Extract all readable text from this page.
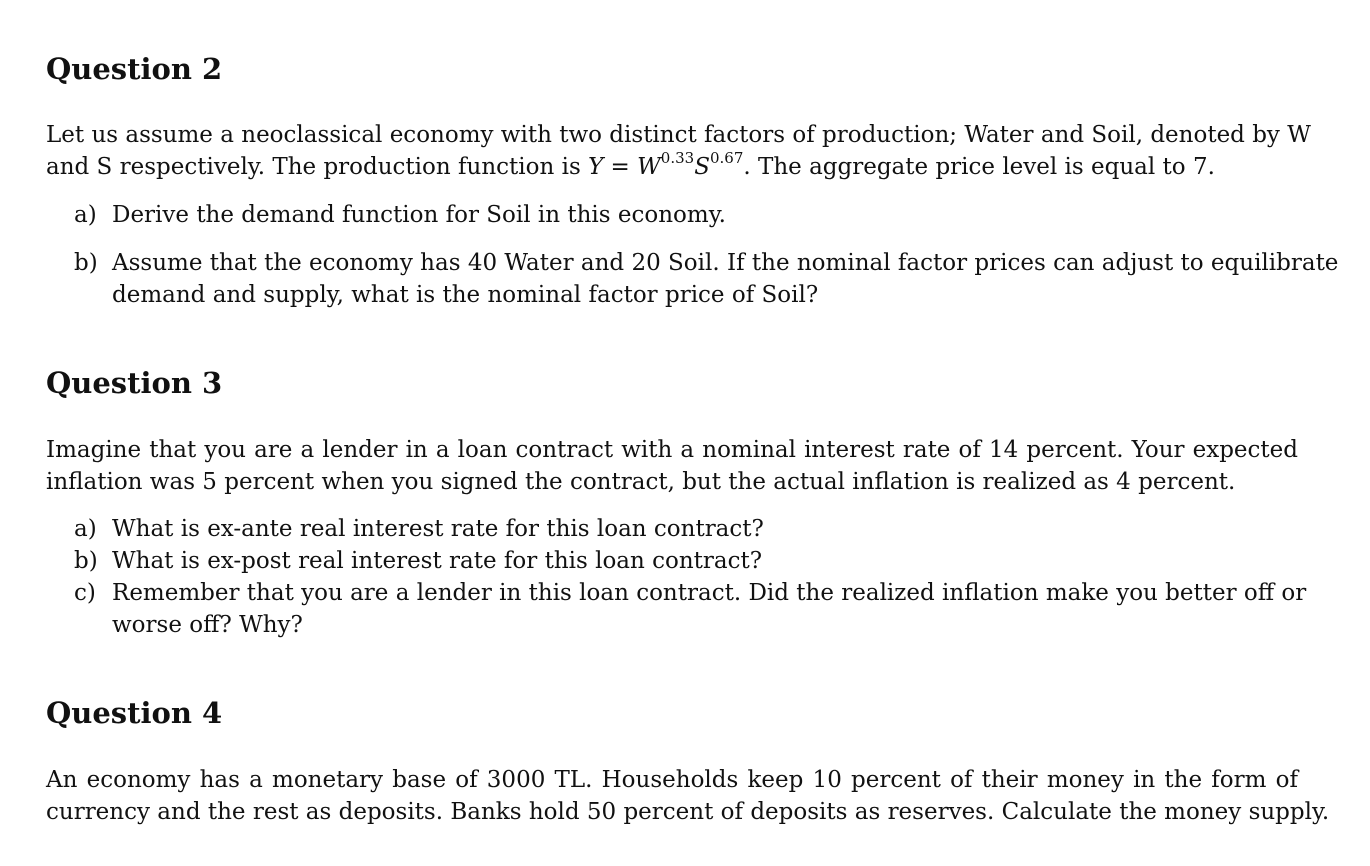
Question 2
Let us assume a neoclassical economy with two distinct factors of production; Water and Soil, denoted by W
and S respectively. The production function is $Y = W^{0.33}S^{0.67}$. The aggregate price level is equal to 7.
a) Derive the demand function for Soil in this economy.
b) Assume that the economy has 40 Water and 20 Soil. If the nominal factor prices can adjust to equilibrate
demand and supply, what is the nominal factor price of Soil?
Question 3
Imagine that you are a lender in a loan contract with a nominal interest rate of 14 percent. Your expected
inflation was 5 percent when you signed the contract, but the actual inflation is realized as 4 percent.
a) What is ex-ante real interest rate for this loan contract?
b) What is ex-post real interest rate for this loan contract?
c) Remember that you are a lender in this loan contract. Did the realized inflation make you better off or
worse off? Why?
Question 4
An economy has a monetary base of 3000 TL. Households keep 10 percent of their money in the form of
currency and the rest as deposits. Banks hold 50 percent of deposits as reserves. Calculate the money supply.
